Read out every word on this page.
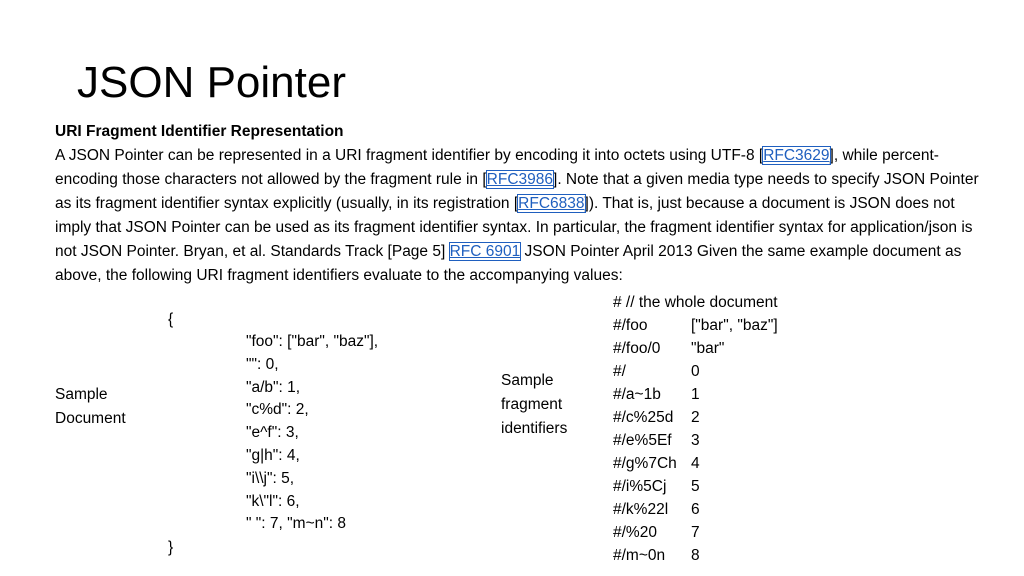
JSON Pointer
URI Fragment Identifier Representation
A JSON Pointer can be represented in a URI fragment identifier by encoding it into octets using UTF-8 [RFC3629], while percent-encoding those characters not allowed by the fragment rule in [RFC3986]. Note that a given media type needs to specify JSON Pointer as its fragment identifier syntax explicitly (usually, in its registration [RFC6838]). That is, just because a document is JSON does not imply that JSON Pointer can be used as its fragment identifier syntax. In particular, the fragment identifier syntax for application/json is not JSON Pointer. Bryan, et al. Standards Track [Page 5] RFC 6901 JSON Pointer April 2013 Given the same example document as above, the following URI fragment identifiers evaluate to the accompanying values:
Sample
Document
{
"foo": ["bar", "baz"],
"": 0,
"a/b": 1,
"c%d": 2,
"e^f": 3,
"g|h": 4,
"i\\j": 5,
"k\"l": 6,
" ": 7, "m~n": 8
}
Sample
fragment
identifiers
# // the whole document	
#/foo	["bar", "baz"]
#/foo/0	"bar"
#/	0
#/a~1b	1
#/c%25d	2
#/e%5Ef	3
#/g%7Ch	4
#/i%5Cj	5
#/k%22l	6
#/%20	7
#/m~0n	8
